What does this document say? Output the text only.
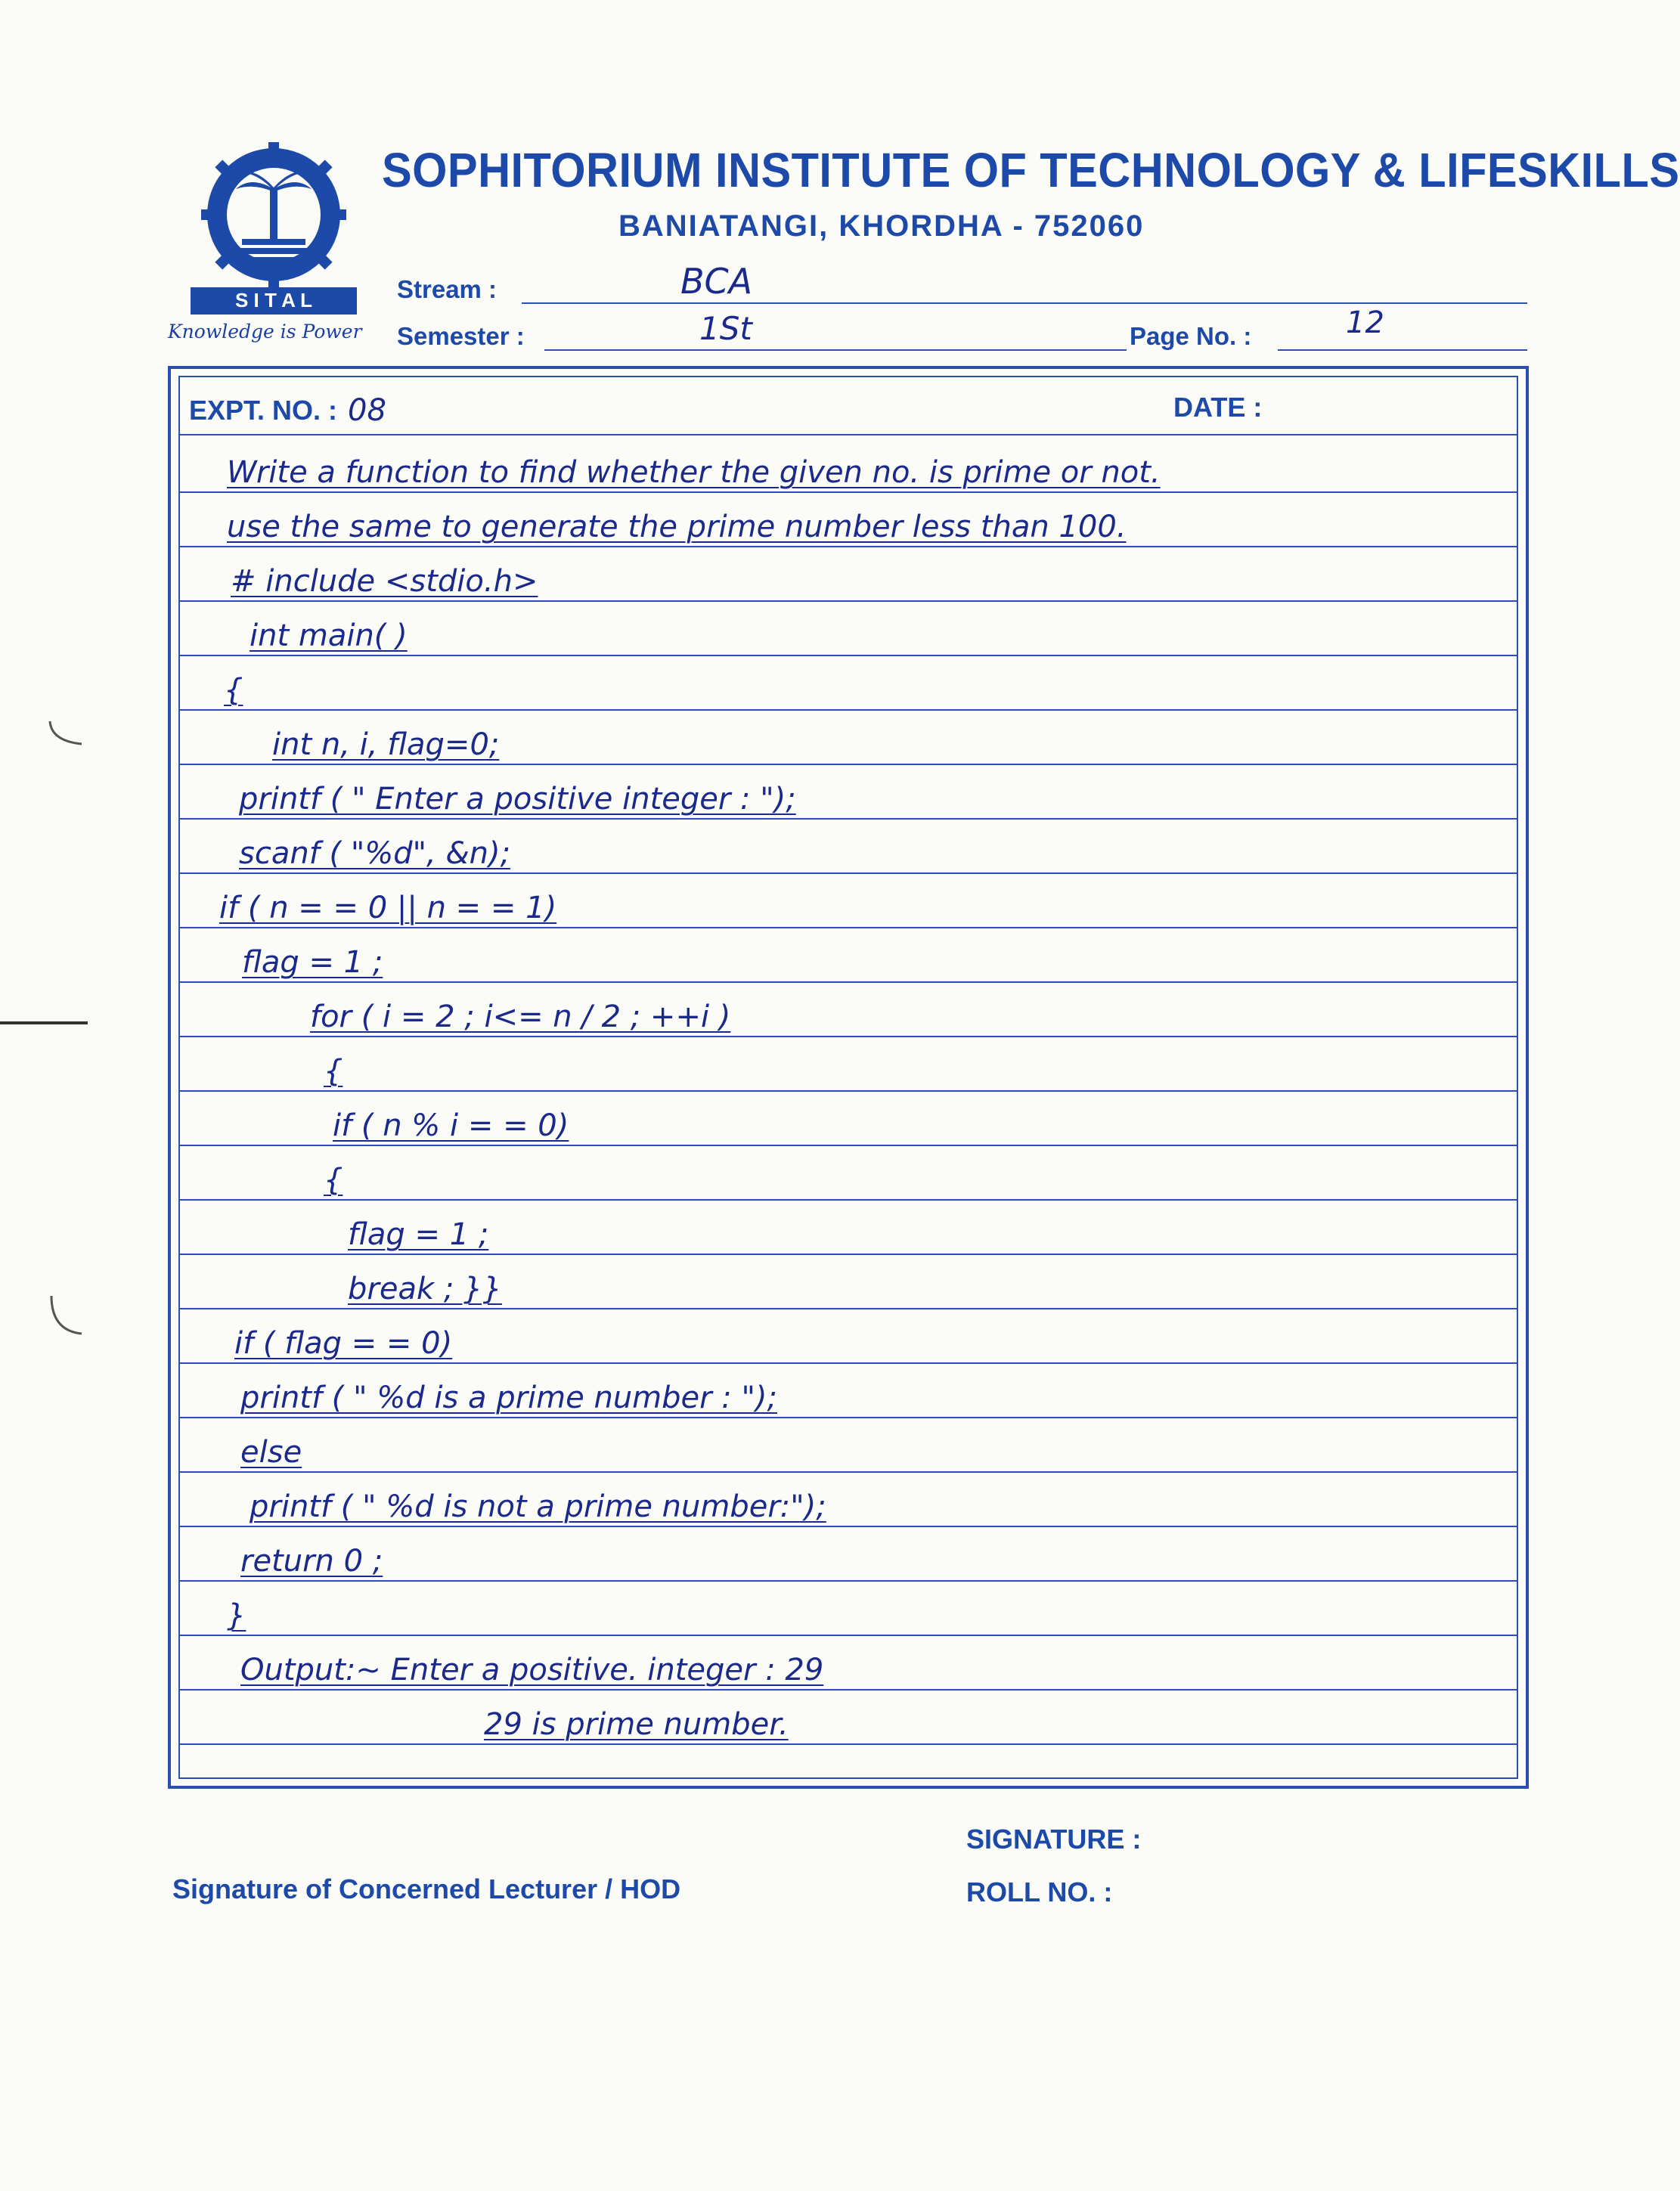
S I T A L
Knowledge is Power
SOPHITORIUM INSTITUTE OF TECHNOLOGY & LIFESKILLS
BANIATANGI, KHORDHA - 752060
Stream :	BCA
Semester :	1St	Page No. :	12
EXPT. NO. : 08	DATE :
Write a function to find whether the given no. is prime or not.
use the same to generate the prime number less than 100.
# include <stdio.h>
int main( )
{
int n, i, flag=0;
printf ( " Enter a positive integer : ");
scanf ( "%d", &n);
if ( n = = 0 || n = = 1)
flag = 1 ;
for ( i = 2 ; i<= n / 2 ; ++i )
{
if ( n % i = = 0)
{
flag = 1 ;
break ; }}
if ( flag = = 0)
printf ( " %d is a prime number : ");
else
printf ( " %d is not a prime number:");
return 0 ;
}
Output:~ Enter a positive. integer : 29
29 is prime number.
SIGNATURE :
Signature of Concerned Lecturer / HOD	ROLL NO. :
